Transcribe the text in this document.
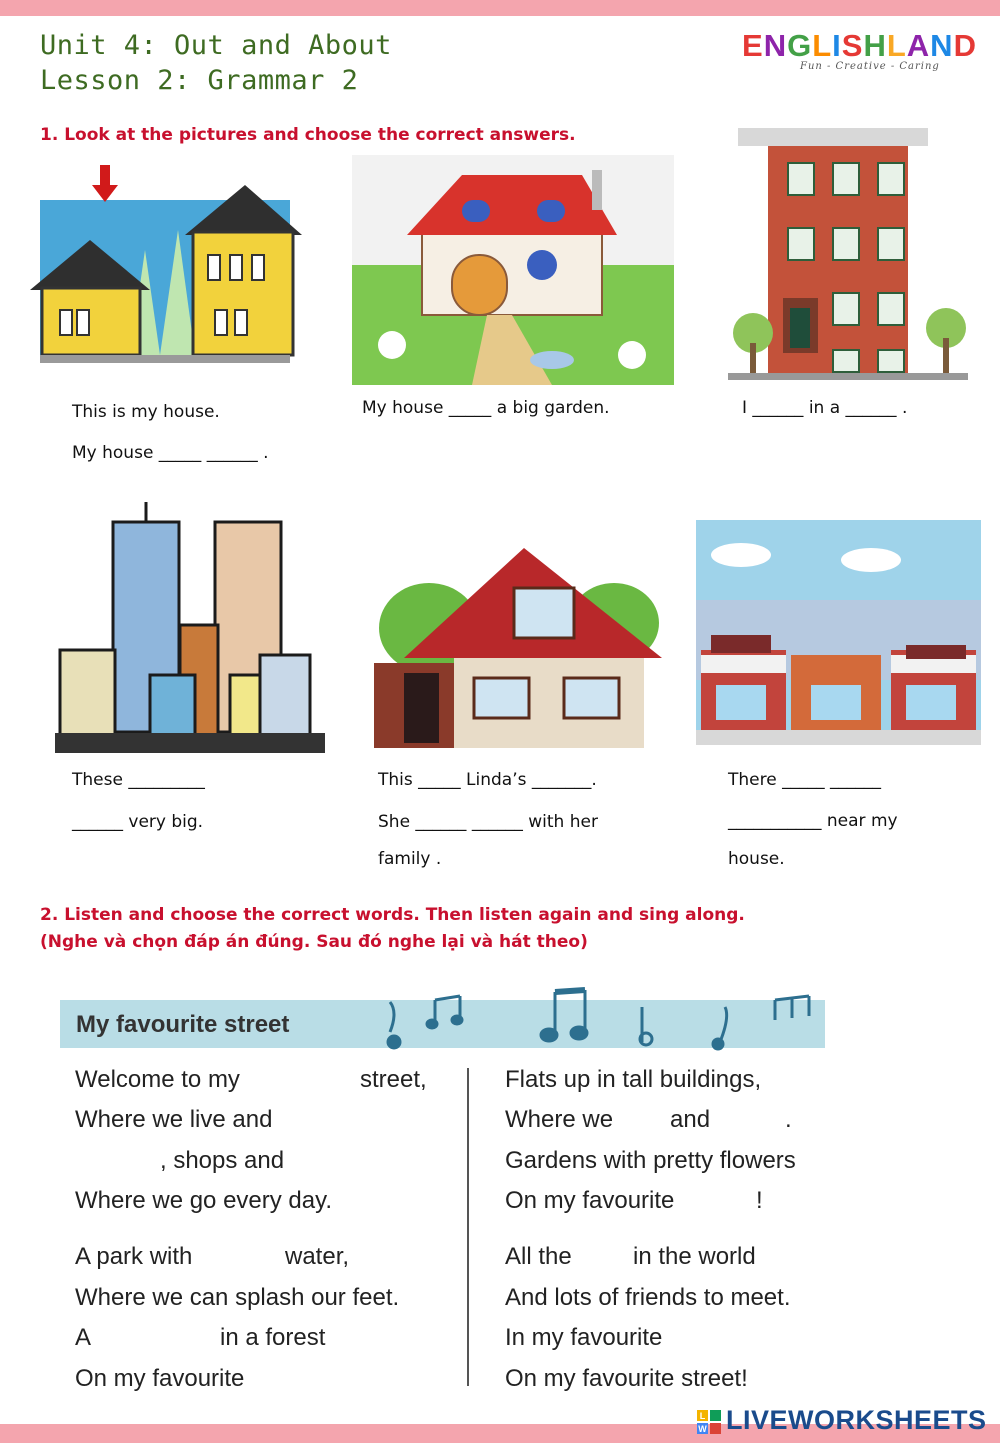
Unit 4: Out and About
Lesson 2: Grammar 2
ENGLISHLAND
Fun - Creative - Caring
1. Look at the pictures and choose the correct answers.
This is my house.
My house _____ ______ .
My house _____ a big garden.	I ______ in a ______ .
These _________
______ very big.
This _____ Linda’s _______.
She ______ ______ with her
family .
There _____ ______
___________ near my
house.
2. Listen and choose the correct words. Then listen again and sing along.
(Nghe và chọn đáp án đúng. Sau đó nghe lại và hát theo)
My favourite street
Welcome to my	street,
Where we live and
, shops and
Where we go every day.
A park with	water,
Where we can splash our feet.
A	in a forest
On my favourite
Flats up in tall buildings,
Where we and	.
Gardens with pretty flowers
On my favourite	!
All the	in the world
And lots of friends to meet.
In my favourite
On my favourite street!
L
W LIVEWORKSHEETS
